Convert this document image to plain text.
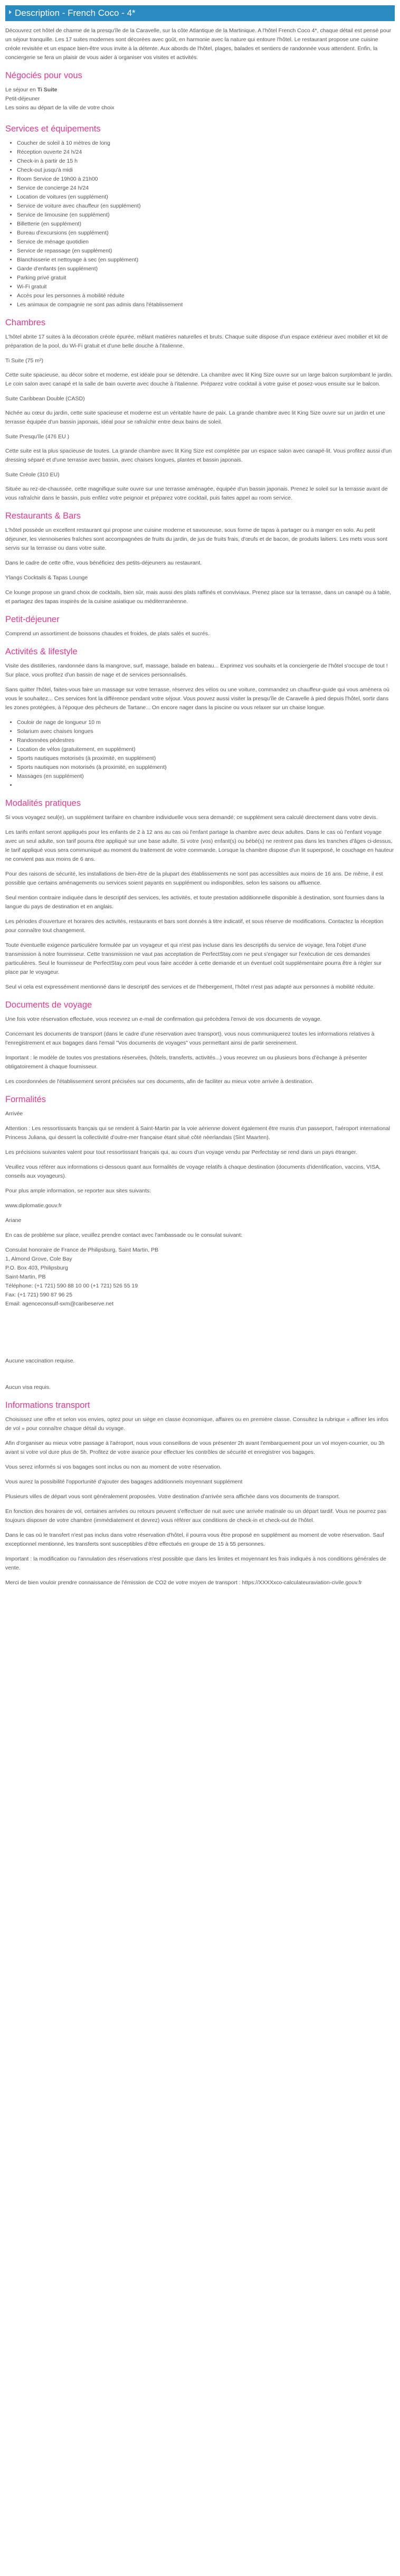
Description - French Coco - 4*

Découvrez cet hôtel de charme de la presqu'île de la Caravelle, sur la côte Atlantique de la Martinique. A l'hôtel French Coco 4*, chaque détail est pensé pour un séjour tranquille. Les 17 suites modernes sont décorées avec goût, en harmonie avec la nature qui entoure l'hôtel. Le restaurant propose une cuisine créole revisitée et un espace bien-être vous invite à la détente. Aux abords de l'hôtel, plages, balades et sentiers de randonnée vous attendent. Enfin, la conciergerie se fera un plaisir de vous aider à organiser vos visites et activités.

Négociés pour vous
Le séjour en Ti Suite
Petit-déjeuner
Les soins au départ de la ville de votre choix
Services et équipements
• Coucher de soleil à 10 mètres de long
• Réception ouverte 24 h/24
• Check-in à partir de 15 h
• Check-out jusqu'à midi
• Room Service de 19h00 à 21h00
• Service de concierge 24 h/24
• Location de voitures (en supplément)
• Service de voiture avec chauffeur (en supplément)
• Service de limousine (en supplément)
• Billetterie (en supplément)
• Bureau d'excursions (en supplément)
• Service de ménage quotidien
• Service de repassage (en supplément)
• Blanchisserie et nettoyage à sec (en supplément)
• Garde d'enfants (en supplément)
• Parking privé gratuit
• Wi-Fi gratuit
• Accès pour les personnes à mobilité réduite
• Les animaux de compagnie ne sont pas admis dans l'établissement
Chambres

L'hôtel abrite 17 suites à la décoration créole épurée, mêlant matières naturelles et bruts. Chaque suite dispose d'un espace extérieur avec mobilier et kit de préparation de la pool, du Wi-Fi gratuit et d'une belle douche à l'italienne.

Ti Suite (75 m²)

Cette suite spacieuse, au décor sobre et moderne, est idéale pour se détendre. La chambre avec lit King Size ouvre sur un large balcon surplombant le jardin. Le coin salon avec canapé et la salle de bain ouverte avec douche à l'italienne. Préparez votre cocktail à votre guise et posez-vous ensuite sur le balcon.

Suite Caribbean Double (CASD)

Nichée au cœur du jardin, cette suite spacieuse et moderne est un véritable havre de paix. La grande chambre avec lit King Size ouvre sur un jardin et une terrasse équipée d'un bassin japonais, idéal pour se rafraîchir entre deux bains de soleil.

Suite Presqu'île (476 EU )

Cette suite est la plus spacieuse de toutes. La grande chambre avec lit King Size est complétée par un espace salon avec canapé-lit. Vous profitez aussi d'un dressing séparé et d'une terrasse avec bassin, avec chaises longues, plantes et bassin japonais.

Suite Créole (310 EU)

Située au rez-de-chaussée, cette magnifique suite ouvre sur une terrasse aménagée, équipée d'un bassin japonais. Prenez le soleil sur la terrasse avant de vous rafraîchir dans le bassin, puis enfilez votre peignoir et préparez votre cocktail, puis faites appel au room service.

Restaurants & Bars

L'hôtel possède un excellent restaurant qui propose une cuisine moderne et savoureuse, sous forme de tapas à partager ou à manger en solo. Au petit déjeuner, les viennoiseries fraîches sont accompagnées de fruits du jardin, de jus de fruits frais, d'œufs et de bacon, de produits laitiers. Les mets vous sont servis sur la terrasse ou dans votre suite.

Dans le cadre de cette offre, vous bénéficiez des petits-déjeuners au restaurant.

Ylangs Cocktails & Tapas Lounge

Ce lounge propose un grand choix de cocktails, bien sûr, mais aussi des plats raffinés et conviviaux. Prenez place sur la terrasse, dans un canapé ou à table, et partagez des tapas inspirés de la cuisine asiatique ou méditerranéenne.

Petit-déjeuner

Comprend un assortiment de boissons chaudes et froides, de plats salés et sucrés.

Activités & lifestyle

Visite des distilleries, randonnée dans la mangrove, surf, massage, balade en bateau... Exprimez vos souhaits et la conciergerie de l'hôtel s'occupe de tout ! Sur place, vous profitez d'un bassin de nage et de services personnalisés.

Sans quitter l'hôtel, faites-vous faire un massage sur votre terrasse, réservez des vélos ou une voiture, commandez un chauffeur-guide qui vous amènera où vous le souhaitez... Ces services font la différence pendant votre séjour. Vous pouvez aussi visiter la presqu'île de Caravelle à pied depuis l'hôtel, sortir dans les zones protégées, à l'époque des pêcheurs de Tartane... On encore nager dans la piscine ou vous relaxer sur un chaise longue.

• Couloir de nage de longueur 10 m
• Solarium avec chaises longues
• Randonnées pédestres
• Location de vélos (gratuitement, en supplément)
• Sports nautiques motorisés (à proximité, en supplément)
• Sports nautiques non motorisés (à proximité, en supplément)
• Massages (en supplément)
•
Modalités pratiques

Si vous voyagez seul(e), un supplément tarifaire en chambre individuelle vous sera demandé; ce supplément sera calculé directement dans votre devis.

Les tarifs enfant seront appliqués pour les enfants de 2 à 12 ans au cas où l'enfant partage la chambre avec deux adultes. Dans le cas où l'enfant voyage avec un seul adulte, son tarif pourra être appliqué sur une base adulte. Si votre (vos) enfant(s) ou bébé(s) ne rentrent pas dans les tranches d'âges ci-dessus, le tarif appliqué vous sera communiqué au moment du traitement de votre commande. Lorsque la chambre dispose d'un lit superposé, le couchage en hauteur ne convient pas aux moins de 6 ans.

Pour des raisons de sécurité, les installations de bien-être de la plupart des établissements ne sont pas accessibles aux moins de 16 ans. De même, il est possible que certains aménagements ou services soient payants en supplément ou indisponibles, selon les saisons ou affluence.

Seul mention contraire indiquée dans le descriptif des services, les activités, et toute prestation additionnelle disponible à destination, sont fournies dans la langue du pays de destination et en anglais.

Les périodes d'ouverture et horaires des activités, restaurants et bars sont donnés à titre indicatif, et sous réserve de modifications. Contactez la réception pour connaître tout changement.

Toute éventuelle exigence particulière formulée par un voyageur et qui n'est pas incluse dans les descriptifs du service de voyage, fera l'objet d'une transmission à notre fournisseur. Cette transmission ne vaut pas acceptation de PerfectStay.com ne peut s'engager sur l'exécution de ces demandes particulières. Seul le fournisseur de PerfectStay.com peut vous faire accéder à cette demande et un éventuel coût supplémentaire pourra être à régler sur place par le voyageur.

Seul vi cela est expressément mentionné dans le descriptif des services et de l'hébergement, l'hôtel n'est pas adapté aux personnes à mobilité réduite.

Documents de voyage

Une fois votre réservation effectuée, vous recevrez un e-mail de confirmation qui précèdera l'envoi de vos documents de voyage.

Concernant les documents de transport (dans le cadre d'une réservation avec transport), vous nous communiquerez toutes les informations relatives à l'enregistrement et aux bagages dans l'email "Vos documents de voyages" vous permettant ainsi de partir sereinement.

Important : le modèle de toutes vos prestations réservées, (hôtels, transferts, activités...) vous recevrez un ou plusieurs bons d'échange à présenter obligatoirement à chaque fournisseur.

Les coordonnées de l'établissement seront précisées sur ces documents, afin de faciliter au mieux votre arrivée à destination.

Formalités

Arrivée

Attention : Les ressortissants français qui se rendent à Saint-Martin par la voie aérienne doivent également être munis d'un passeport, l'aéroport international Princess Juliana, qui dessert la collectivité d'outre-mer française étant situé côté néerlandais (Sint Maarten).

Les précisions suivantes valent pour tout ressortissant français qui, au cours d'un voyage vendu par Perfectstay se rend dans un pays étranger.

Veuillez vous référer aux informations ci-dessous quant aux formalités de voyage relatifs à chaque destination (documents d'identification, vaccins, VISA, conseils aux voyageurs).

Pour plus ample information, se reporter aux sites suivants:

www.diplomatie.gouv.fr

Ariane

En cas de problème sur place, veuillez prendre contact avec l'ambassade ou le consulat suivant:

Consulat honoraire de France de Philipsburg, Saint Martin, PB
1, Almond Grove, Cole Bay
P.O. Box 403, Philipsburg
Saint-Martin, PB
Téléphone: (+1 721) 590 88 10 00 (+1 721) 526 55 19
Fax: (+1 721) 590 87 96 25

Email: agenceconsulf-sxm@caribeserve.net

Aucune vaccination requise.

Aucun visa requis.

Informations transport

Choisissez une offre et selon vos envies, optez pour un siège en classe économique, affaires ou en première classe. Consultez la rubrique « affiner les infos de vol » pour connaître chaque détail du voyage.

Afin d'organiser au mieux votre passage à l'aéroport, nous vous conseillons de vous présenter 2h avant l'embarquement pour un vol moyen-courrier, ou 3h avant si votre vol dure plus de 5h. Profitez de votre avance pour effectuer les contrôles de sécurité et enregistrer vos bagages.

Vous serez informés si vos bagages sont inclus ou non au moment de votre réservation.

Vous aurez la possibilité l'opportunité d'ajouter des bagages additionnels moyennant supplément

Plusieurs villes de départ vous sont généralement proposées. Votre destination d'arrivée sera affichée dans vos documents de transport.

En fonction des horaires de vol, certaines arrivées ou retours peuvent s'effectuer de nuit avec une arrivée matinale ou un départ tardif. Vous ne pourrez pas toujours disposer de votre chambre (immédiatement et devrez) vous référer aux conditions de check-in et check-out de l'hôtel.

Dans le cas où le transfert n'est pas inclus dans votre réservation d'hôtel, il pourra vous être proposé en supplément au moment de votre réservation. Sauf exceptionnel mentionné, les transferts sont susceptibles d'être effectués en groupe de 15 à 55 personnes.

Important : la modification ou l'annulation des réservations n'est possible que dans les limites et moyennant les frais indiqués à nos conditions générales de vente.

Merci de bien vouloir prendre connaissance de l'émission de CO2 de votre moyen de transport : https://XXXXxco-calculateuraviation-civile.gouv.fr
